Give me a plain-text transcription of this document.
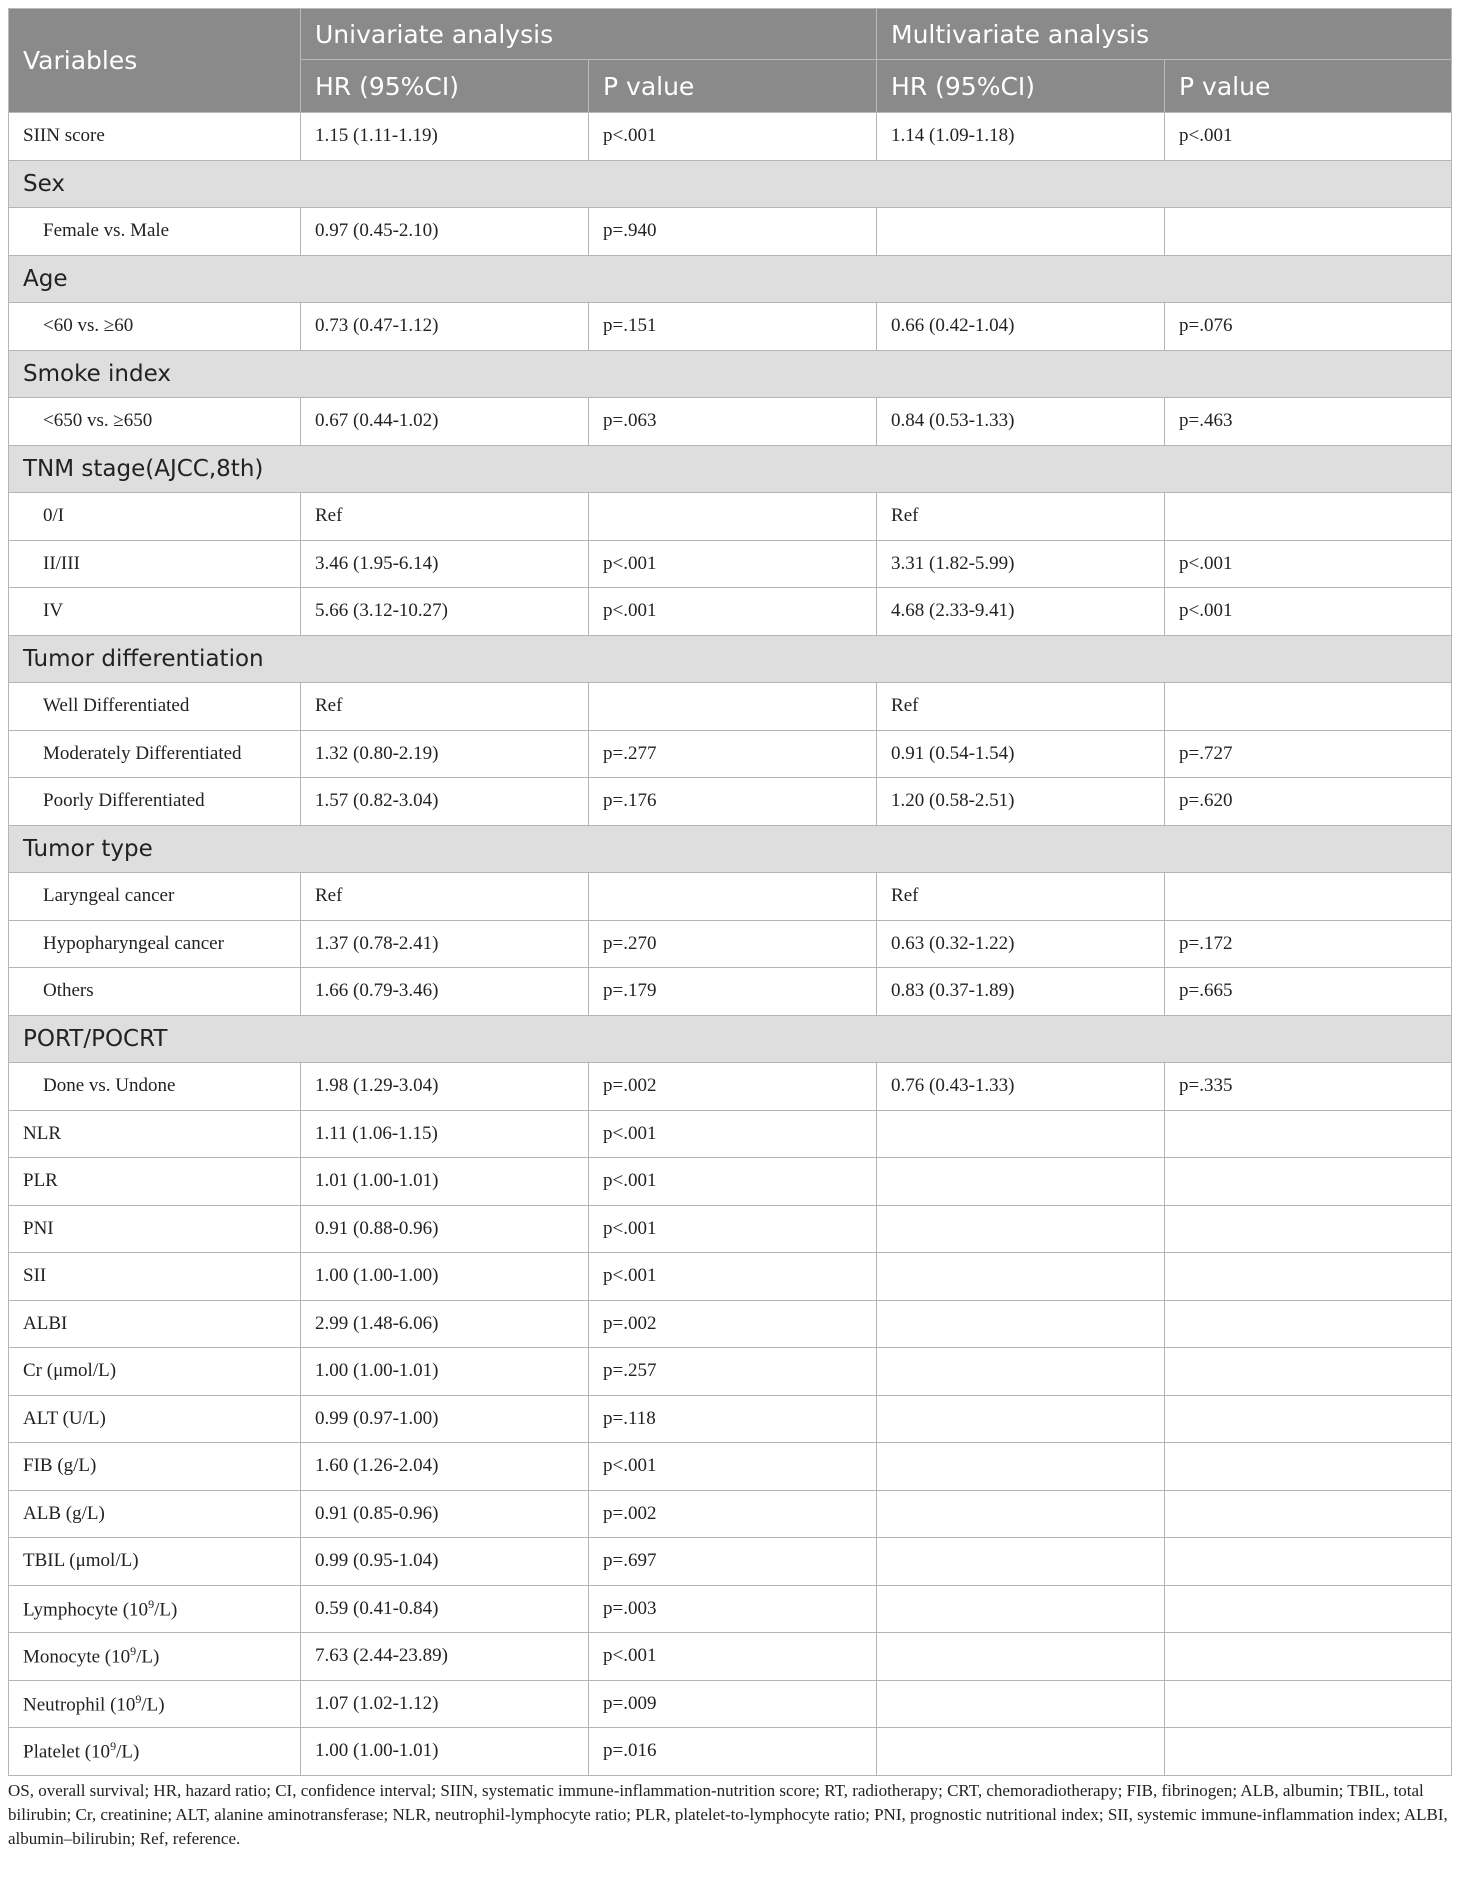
Variables	Univariate analysis		Multivariate analysis	
	HR (95%CI)	P value	HR (95%CI)	P value
SIIN score	1.15 (1.11-1.19)	p<.001	1.14 (1.09-1.18)	p<.001
Sex				
Female vs. Male	0.97 (0.45-2.10)	p=.940		
Age				
<60 vs. ≥60	0.73 (0.47-1.12)	p=.151	0.66 (0.42-1.04)	p=.076
Smoke index				
<650 vs. ≥650	0.67 (0.44-1.02)	p=.063	0.84 (0.53-1.33)	p=.463
TNM stage(AJCC,8th)				
0/I	Ref		Ref	
II/III	3.46 (1.95-6.14)	p<.001	3.31 (1.82-5.99)	p<.001
IV	5.66 (3.12-10.27)	p<.001	4.68 (2.33-9.41)	p<.001
Tumor differentiation				
Well Differentiated	Ref		Ref	
Moderately Differentiated	1.32 (0.80-2.19)	p=.277	0.91 (0.54-1.54)	p=.727
Poorly Differentiated	1.57 (0.82-3.04)	p=.176	1.20 (0.58-2.51)	p=.620
Tumor type				
Laryngeal cancer	Ref		Ref	
Hypopharyngeal cancer	1.37 (0.78-2.41)	p=.270	0.63 (0.32-1.22)	p=.172
Others	1.66 (0.79-3.46)	p=.179	0.83 (0.37-1.89)	p=.665
PORT/POCRT				
Done vs. Undone	1.98 (1.29-3.04)	p=.002	0.76 (0.43-1.33)	p=.335
NLR	1.11 (1.06-1.15)	p<.001		
PLR	1.01 (1.00-1.01)	p<.001		
PNI	0.91 (0.88-0.96)	p<.001		
SII	1.00 (1.00-1.00)	p<.001		
ALBI	2.99 (1.48-6.06)	p=.002		
Cr (μmol/L)	1.00 (1.00-1.01)	p=.257		
ALT (U/L)	0.99 (0.97-1.00)	p=.118		
FIB (g/L)	1.60 (1.26-2.04)	p<.001		
ALB (g/L)	0.91 (0.85-0.96)	p=.002		
TBIL (μmol/L)	0.99 (0.95-1.04)	p=.697		
Lymphocyte $(10^9/L)$	0.59 (0.41-0.84)	p=.003		
Monocyte $(10^9/L)$	7.63 (2.44-23.89)	p<.001		
Neutrophil $(10^9/L)$	1.07 (1.02-1.12)	p=.009		
Platelet $(10^9/L)$	1.00 (1.00-1.01)	p=.016		
OS, overall survival; HR, hazard ratio; CI, confidence interval; SIIN, systematic immune-inflammation-nutrition score; RT, radiotherapy; CRT, chemoradiotherapy; FIB, fibrinogen; ALB, albumin; TBIL, total bilirubin; Cr, creatinine; ALT, alanine aminotransferase; NLR, neutrophil-lymphocyte ratio; PLR, platelet-to-lymphocyte ratio; PNI, prognostic nutritional index; SII, systemic immune-inflammation index; ALBI, albumin–bilirubin; Ref, reference.
